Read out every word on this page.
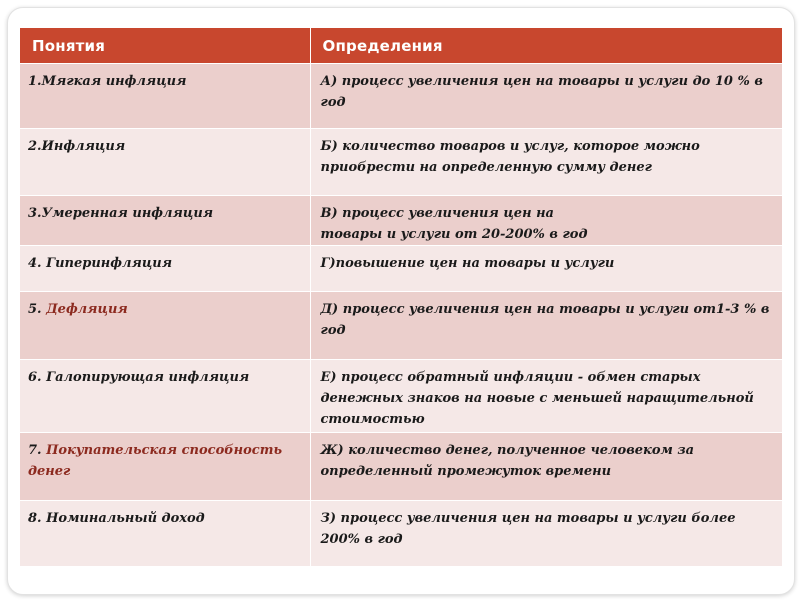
Понятия	Определения
1.Мягкая инфляция	А) процесс увеличения цен на товары и услуги до 10 % в год
2.Инфляция	Б) количество товаров и услуг, которое можно приобрести на определенную сумму денег
3.Умеренная инфляция	В) процесс увеличения цен на
товары и услуги от 20-200% в год

4. Гиперинфляция	Г)повышение цен на товары и услуги
5. Дефляция	Д) процесс увеличения цен на товары и услуги от1-3 % в год
6. Галопирующая инфляция	Е) процесс обратный инфляции - обмен старых денежных знаков на новые с меньшей наращительной стоимостью
7. Покупательская способность денег	Ж) количество денег, полученное человеком за определенный промежуток времени
8. Номинальный доход	З) процесс увеличения цен на товары и услуги более 200% в год
